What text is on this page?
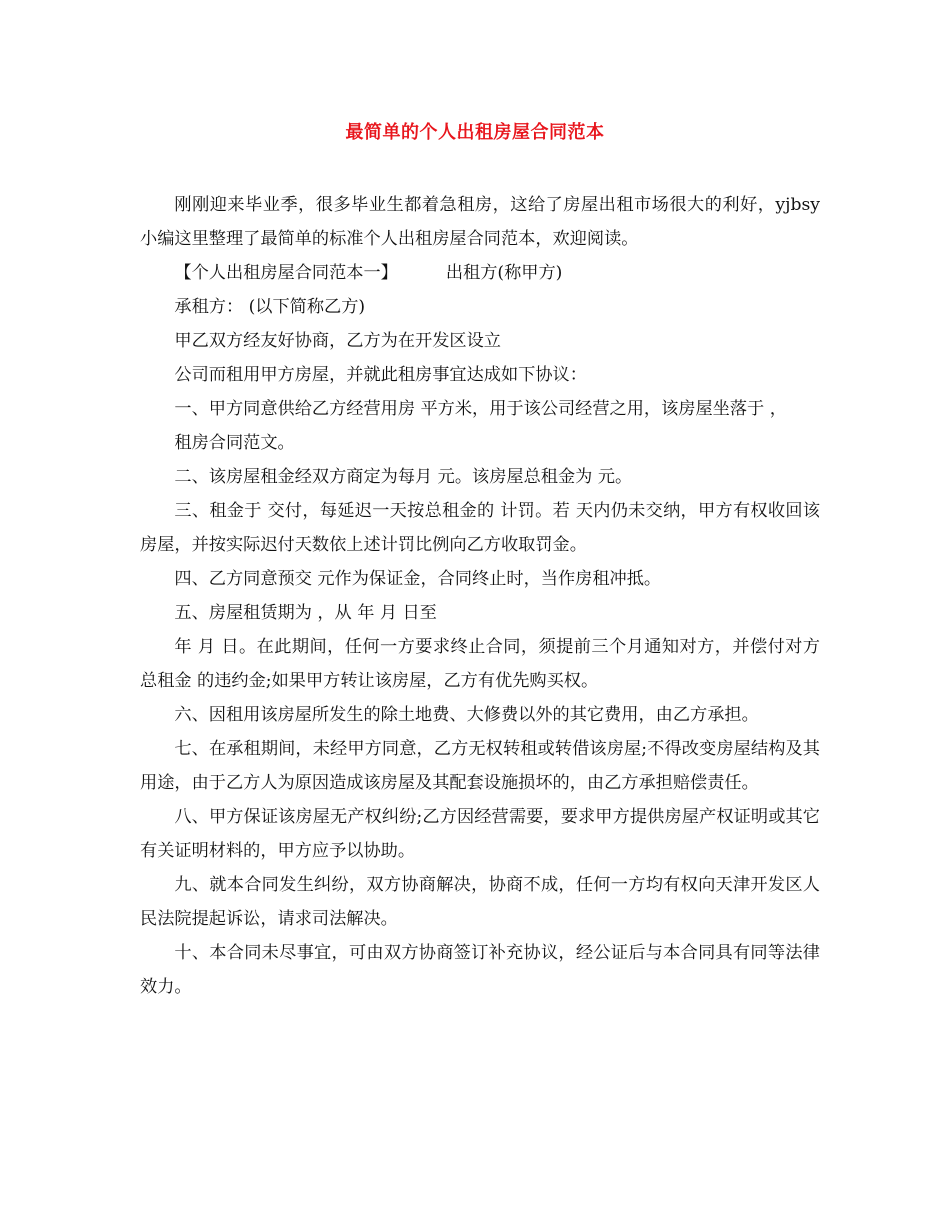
最简单的个人出租房屋合同范本

刚刚迎来毕业季，很多毕业生都着急租房，这给了房屋出租市场很大的利好，yjbsy小编这里整理了最简单的标准个人出租房屋合同范本，欢迎阅读。

【个人出租房屋合同范本一】	出租方(称甲方)

承租方： (以下简称乙方)

甲乙双方经友好协商，乙方为在开发区设立

公司而租用甲方房屋，并就此租房事宜达成如下协议：

一、甲方同意供给乙方经营用房 平方米，用于该公司经营之用，该房屋坐落于 ，

租房合同范文。

二、该房屋租金经双方商定为每月 元。该房屋总租金为 元。

三、租金于 交付，每延迟一天按总租金的 计罚。若 天内仍未交纳，甲方有权收回该房屋，并按实际迟付天数依上述计罚比例向乙方收取罚金。

四、乙方同意预交 元作为保证金，合同终止时，当作房租冲抵。

五、房屋租赁期为 ，从 年 月 日至

年 月 日。在此期间，任何一方要求终止合同，须提前三个月通知对方，并偿付对方总租金 的违约金;如果甲方转让该房屋，乙方有优先购买权。

六、因租用该房屋所发生的除土地费、大修费以外的其它费用，由乙方承担。

七、在承租期间，未经甲方同意，乙方无权转租或转借该房屋;不得改变房屋结构及其用途，由于乙方人为原因造成该房屋及其配套设施损坏的，由乙方承担赔偿责任。

八、甲方保证该房屋无产权纠纷;乙方因经营需要，要求甲方提供房屋产权证明或其它有关证明材料的，甲方应予以协助。

九、就本合同发生纠纷，双方协商解决，协商不成，任何一方均有权向天津开发区人民法院提起诉讼，请求司法解决。

十、本合同未尽事宜，可由双方协商签订补充协议，经公证后与本合同具有同等法律效力。
